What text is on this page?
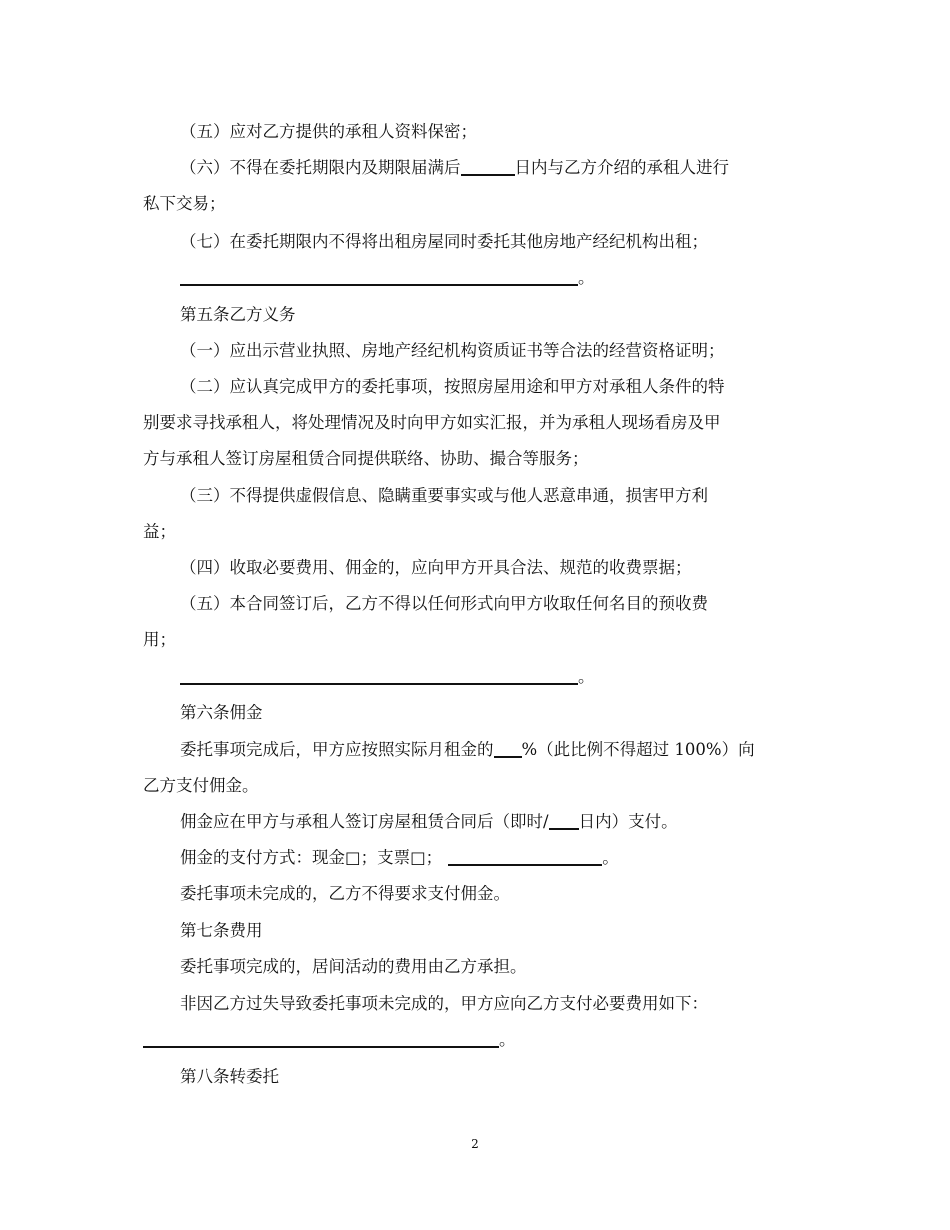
（五）应对乙方提供的承租人资料保密；
（六）不得在委托期限内及期限届满后	日内与乙方介绍的承租人进行
私下交易；
（七）在委托期限内不得将出租房屋同时委托其他房地产经纪机构出租；
。
第五条乙方义务
（一）应出示营业执照、房地产经纪机构资质证书等合法的经营资格证明；
（二）应认真完成甲方的委托事项，按照房屋用途和甲方对承租人条件的特
别要求寻找承租人，将处理情况及时向甲方如实汇报，并为承租人现场看房及甲
方与承租人签订房屋租赁合同提供联络、协助、撮合等服务；
（三）不得提供虚假信息、隐瞒重要事实或与他人恶意串通，损害甲方利
益；
（四）收取必要费用、佣金的，应向甲方开具合法、规范的收费票据；
（五）本合同签订后，乙方不得以任何形式向甲方收取任何名目的预收费
用；
。
第六条佣金
委托事项完成后，甲方应按照实际月租金的 %（此比例不得超过 100%）向
乙方支付佣金。
佣金应在甲方与承租人签订房屋租赁合同后（即时/ 日内）支付。
佣金的支付方式：现金□；支票□；	。
委托事项未完成的，乙方不得要求支付佣金。
第七条费用
委托事项完成的，居间活动的费用由乙方承担。
非因乙方过失导致委托事项未完成的，甲方应向乙方支付必要费用如下：
。
第八条转委托
2
